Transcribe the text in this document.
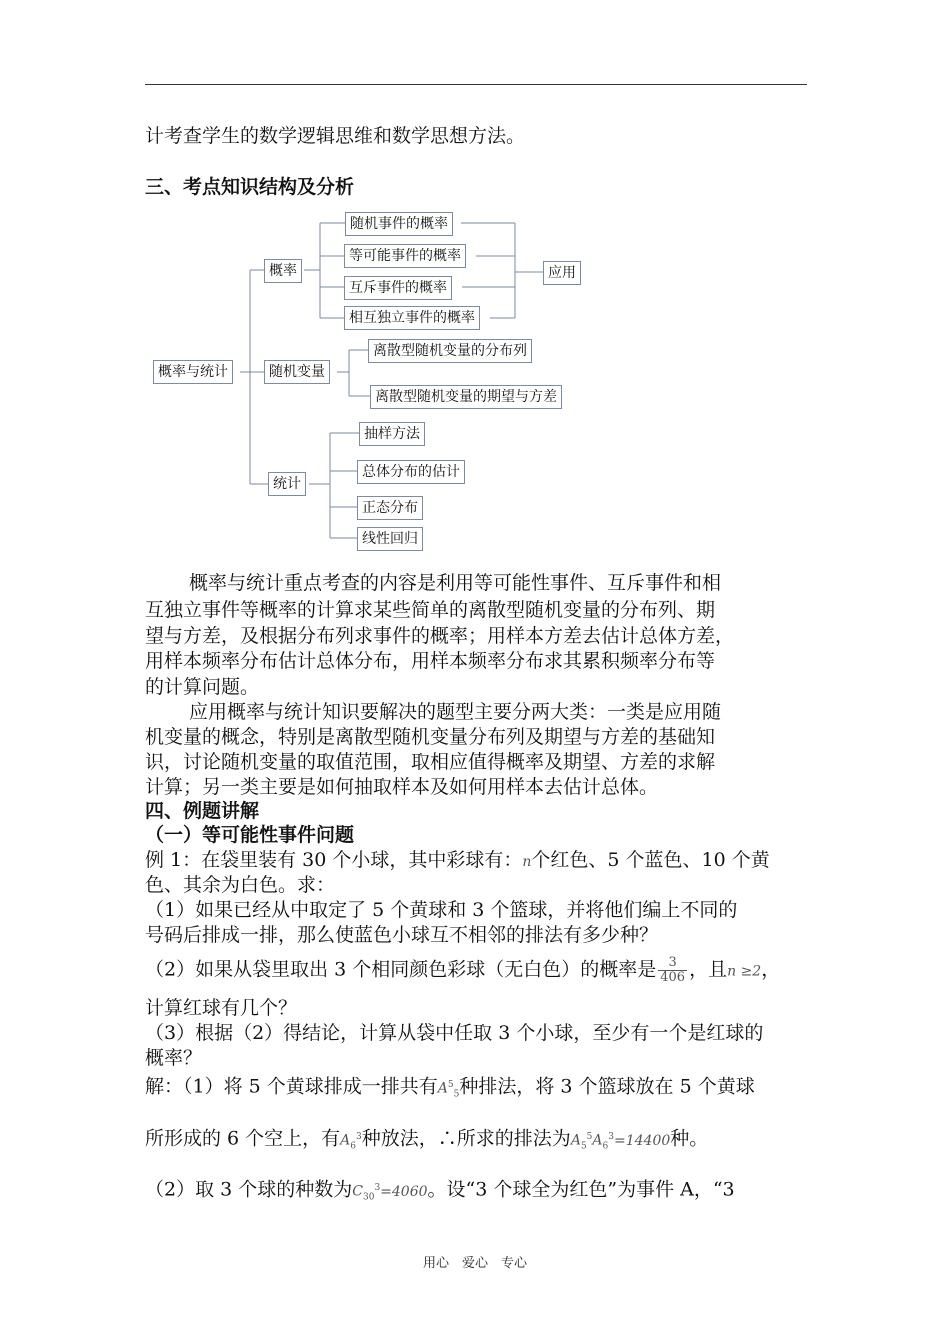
计考查学生的数学逻辑思维和数学思想方法。
三、考点知识结构及分析
概率与统计
概率
随机变量
统计
随机事件的概率
等可能事件的概率
互斥事件的概率
相互独立事件的概率
应用
离散型随机变量的分布列
离散型随机变量的期望与方差
抽样方法
总体分布的估计
正态分布
线性回归
概率与统计重点考查的内容是利用等可能性事件、互斥事件和相
互独立事件等概率的计算求某些简单的离散型随机变量的分布列、期
望与方差，及根据分布列求事件的概率；用样本方差去估计总体方差，
用样本频率分布估计总体分布，用样本频率分布求其累积频率分布等
的计算问题。
应用概率与统计知识要解决的题型主要分两大类：一类是应用随
机变量的概念，特别是离散型随机变量分布列及期望与方差的基础知
识，讨论随机变量的取值范围，取相应值得概率及期望、方差的求解
计算；另一类主要是如何抽取样本及如何用样本去估计总体。
四、例题讲解
（一）等可能性事件问题
例 1：在袋里装有 30 个小球，其中彩球有：n个红色、5 个蓝色、10 个黄
色、其余为白色。求：
（1）如果已经从中取定了 5 个黄球和 3 个篮球，并将他们编上不同的
号码后排成一排，那么使蓝色小球互不相邻的排法有多少种？
（2）如果从袋里取出 3 个相同颜色彩球（无白色）的概率是 $\frac{3}{406}$ ，且n ≥2，
计算红球有几个？
（3）根据（2）得结论，计算从袋中任取 3 个小球，至少有一个是红球的
概率？
解：（1）将 5 个黄球排成一排共有$A^5_5$种排法，将 3 个篮球放在 5 个黄球
所形成的 6 个空上，有$A_6^3$种放法，∴所求的排法为$A_5^5A_6^3=14400$种。
（2）取 3 个球的种数为$C_{30}^3=4060$。设“3 个球全为红色”为事件 A，“3
用心　爱心　专心
